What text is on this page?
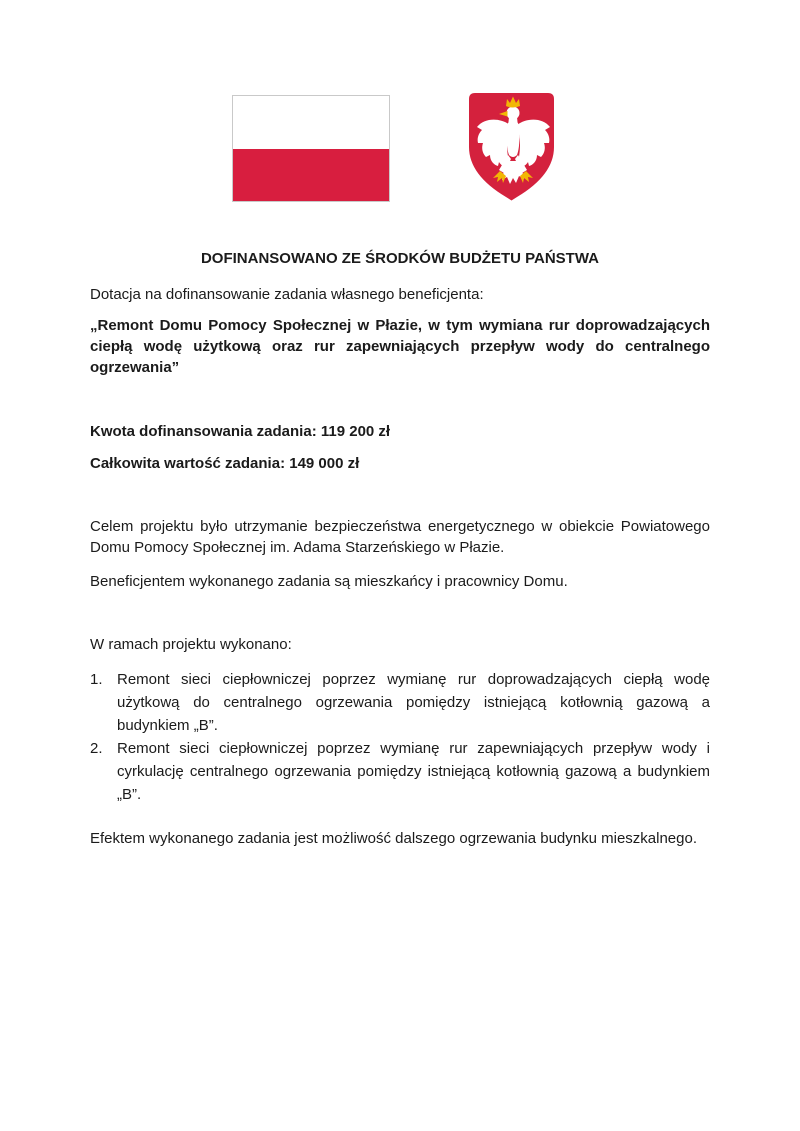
DOFINANSOWANO ZE ŚRODKÓW BUDŻETU PAŃSTWA

Dotacja na dofinansowanie zadania własnego beneficjenta:

„Remont Domu Pomocy Społecznej w Płazie, w tym wymiana rur doprowadzających ciepłą wodę użytkową oraz rur zapewniających przepływ wody do centralnego ogrzewania”

Kwota dofinansowania zadania: 119 200 zł

Całkowita wartość zadania: 149 000 zł

Celem projektu było utrzymanie bezpieczeństwa energetycznego w obiekcie Powiatowego Domu Pomocy Społecznej im. Adama Starzeńskiego w Płazie.

Beneficjentem wykonanego zadania są mieszkańcy i pracownicy Domu.

W ramach projektu wykonano:

1. Remont sieci ciepłowniczej poprzez wymianę rur doprowadzających ciepłą wodę użytkową do centralnego ogrzewania pomiędzy istniejącą kotłownią gazową a budynkiem „B”.
2. Remont sieci ciepłowniczej poprzez wymianę rur zapewniających przepływ wody i cyrkulację centralnego ogrzewania pomiędzy istniejącą kotłownią gazową a budynkiem „B”.

Efektem wykonanego zadania jest możliwość dalszego ogrzewania budynku mieszkalnego.
